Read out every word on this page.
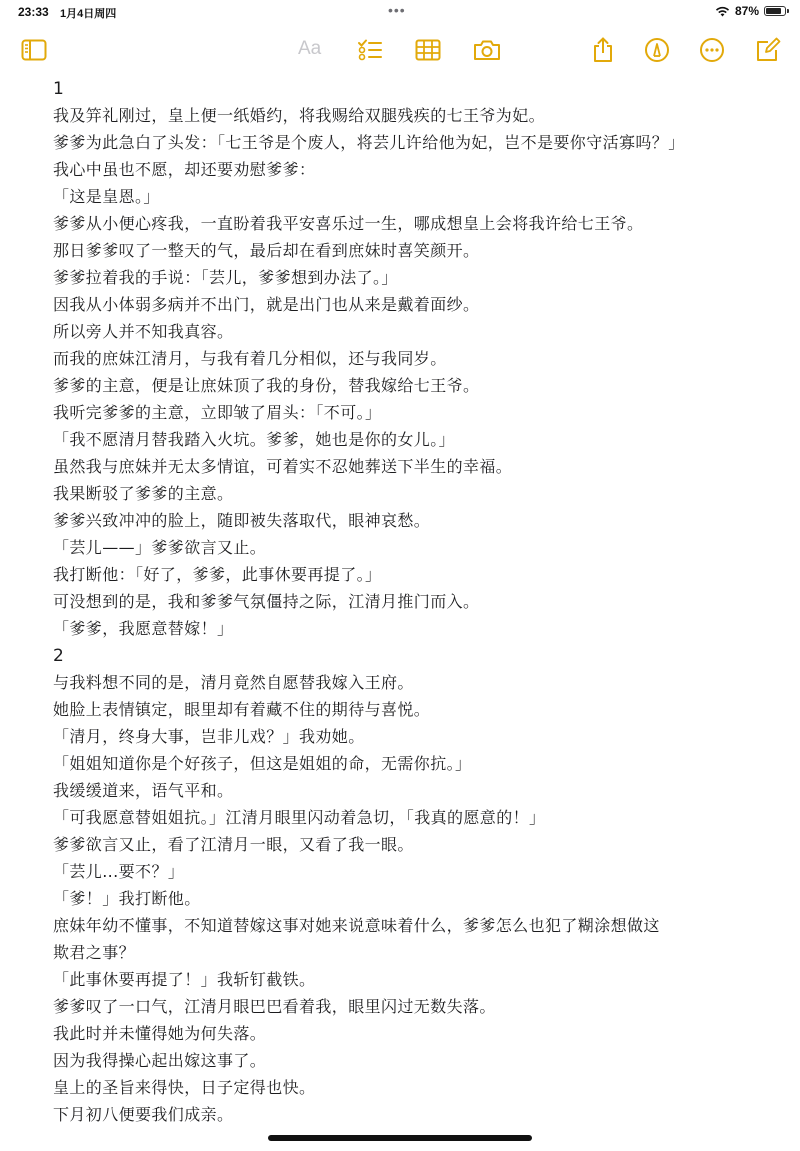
23:33 1月4日周四	•••	87%
Aa
1
我及笄礼刚过，皇上便一纸婚约，将我赐给双腿残疾的七王爷为妃。
爹爹为此急白了头发：「七王爷是个废人，将芸儿许给他为妃，岂不是要你守活寡吗？」
我心中虽也不愿，却还要劝慰爹爹：
「这是皇恩。」
爹爹从小便心疼我，一直盼着我平安喜乐过一生，哪成想皇上会将我许给七王爷。
那日爹爹叹了一整天的气，最后却在看到庶妹时喜笑颜开。
爹爹拉着我的手说：「芸儿，爹爹想到办法了。」
因我从小体弱多病并不出门，就是出门也从来是戴着面纱。
所以旁人并不知我真容。
而我的庶妹江清月，与我有着几分相似，还与我同岁。
爹爹的主意，便是让庶妹顶了我的身份，替我嫁给七王爷。
我听完爹爹的主意，立即皱了眉头：「不可。」
「我不愿清月替我踏入火坑。爹爹，她也是你的女儿。」
虽然我与庶妹并无太多情谊，可着实不忍她葬送下半生的幸福。
我果断驳了爹爹的主意。
爹爹兴致冲冲的脸上，随即被失落取代，眼神哀愁。
「芸儿——」爹爹欲言又止。
我打断他：「好了，爹爹，此事休要再提了。」
可没想到的是，我和爹爹气氛僵持之际，江清月推门而入。
「爹爹，我愿意替嫁！」
2
与我料想不同的是，清月竟然自愿替我嫁入王府。
她脸上表情镇定，眼里却有着藏不住的期待与喜悦。
「清月，终身大事，岂非儿戏？」我劝她。
「姐姐知道你是个好孩子，但这是姐姐的命，无需你抗。」
我缓缓道来，语气平和。
「可我愿意替姐姐抗。」江清月眼里闪动着急切，「我真的愿意的！」
爹爹欲言又止，看了江清月一眼，又看了我一眼。
「芸儿...要不？」
「爹！」我打断他。
庶妹年幼不懂事，不知道替嫁这事对她来说意味着什么，爹爹怎么也犯了糊涂想做这
欺君之事？
「此事休要再提了！」我斩钉截铁。
爹爹叹了一口气，江清月眼巴巴看着我，眼里闪过无数失落。
我此时并未懂得她为何失落。
因为我得操心起出嫁这事了。
皇上的圣旨来得快，日子定得也快。
下月初八便要我们成亲。
